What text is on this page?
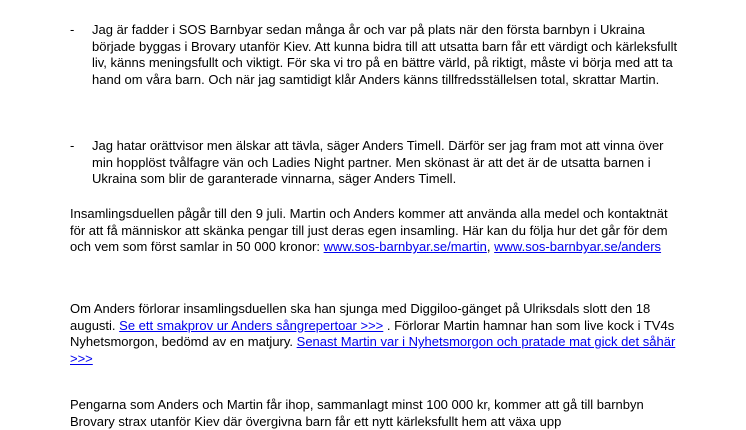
- Jag är fadder i SOS Barnbyar sedan många år och var på plats när den första barnbyn i Ukraina började byggas i Brovary utanför Kiev. Att kunna bidra till att utsatta barn får ett värdigt och kärleksfullt liv, känns meningsfullt och viktigt. För ska vi tro på en bättre värld, på riktigt, måste vi börja med att ta hand om våra barn. Och när jag samtidigt klår Anders känns tillfredsställelsen total, skrattar Martin.

- Jag hatar orättvisor men älskar att tävla, säger Anders Timell. Därför ser jag fram mot att vinna över min hopplöst tvålfagre vän och Ladies Night partner. Men skönast är att det är de utsatta barnen i Ukraina som blir de garanterade vinnarna, säger Anders Timell.

Insamlingsduellen pågår till den 9 juli. Martin och Anders kommer att använda alla medel och kontaktnät för att få människor att skänka pengar till just deras egen insamling. Här kan du följa hur det går för dem och vem som först samlar in 50 000 kronor: www.sos-barnbyar.se/martin, www.sos-barnbyar.se/anders

Om Anders förlorar insamlingsduellen ska han sjunga med Diggiloo-gänget på Ulriksdals slott den 18 augusti. Se ett smakprov ur Anders sångrepertoar >>> . Förlorar Martin hamnar han som live kock i TV4s Nyhetsmorgon, bedömd av en matjury. Senast Martin var i Nyhetsmorgon och pratade mat gick det såhär >>>

Pengarna som Anders och Martin får ihop, sammanlagt minst 100 000 kr, kommer att gå till barnbyn Brovary strax utanför Kiev där övergivna barn får ett nytt kärleksfullt hem att växa upp
